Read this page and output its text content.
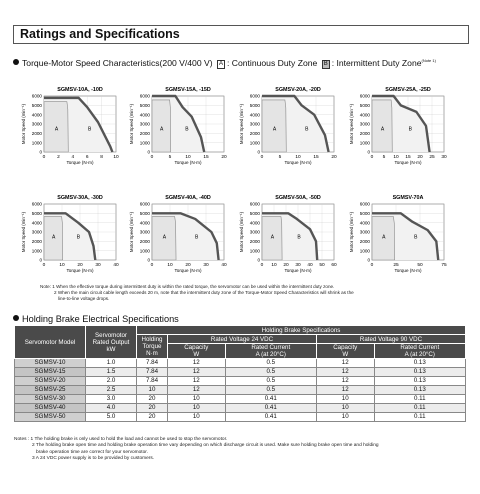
Ratings and Specifications
Torque-Motor Speed Characteristics(200 V/400 V) A : Continuous Duty Zone B : Intermittent Duty Zone$^{(Note 1)}$
SGMSV-10A, -10D
A	B
0 2 4 6 8 10
0
1000
2000
3000
4000
5000
6000
Torque (N·m)
Motor Speed (min⁻¹)
SGMSV-15A, -15D
A	B
0	5	10	15	20
0
1000
2000
3000
4000
5000
6000
Torque (N·m)
Motor Speed (min⁻¹)
SGMSV-20A, -20D
A	B
0	5	10	15	20
0
1000
2000
3000
4000
5000
6000
Torque (N·m)
Motor Speed (min⁻¹)
SGMSV-25A, -25D
A	B
0 5 10 15 20 25 30
0
1000
2000
3000
4000
5000
6000
Torque (N·m)
Motor Speed (min⁻¹)
SGMSV-30A, -30D
A	B
0	10	20	30	40
0
1000
2000
3000
4000
5000
6000
Torque (N·m)
Motor Speed (min⁻¹)
SGMSV-40A, -40D
A	B
0	10	20	30	40
0
1000
2000
3000
4000
5000
6000
Torque (N·m)
Motor Speed (min⁻¹)
SGMSV-50A, -50D
A	B
0 10 20 30 40 50 60
0
1000
2000
3000
4000
5000
6000
Torque (N·m)
Motor Speed (min⁻¹)
SGMSV-70A
A	B
0	25	50	75
0
1000
2000
3000
4000
5000
6000
Torque (N·m)
Motor Speed (min⁻¹)
Note: 1 When the effective torque during intermittent duty is within the rated torque, the servomotor can be used within the intermittent duty zone.
2 When the main circuit cable length exceeds 20 m, note that the intermittent duty zone of the Torque-Motor Speed Characteristics will shrink as the
line-to-line voltage drops.
Holding Brake Electrical Specifications
Servomotor Model	Servomotor
Rated Output
kW	Holding Brake Specifications				
		Holding
Torque
N·m	Rated Voltage 24 VDC		Rated Voltage 90 VDC	
			Capacity
W	Rated Current
A (at 20°C)	Capacity
W	Rated Current
A (at 20°C)
SGMSV-10	1.0	7.84	12	0.5	12	0.13
SGMSV-15	1.5	7.84	12	0.5	12	0.13
SGMSV-20	2.0	7.84	12	0.5	12	0.13
SGMSV-25	2.5	10	12	0.5	12	0.13
SGMSV-30	3.0	20	10	0.41	10	0.11
SGMSV-40	4.0	20	10	0.41	10	0.11
SGMSV-50	5.0	20	10	0.41	10	0.11
Notes : 1 The holding brake is only used to hold the load and cannot be used to stop the servomotor.
2 The holding brake open time and holding brake operation time vary depending on which discharge circuit is used. Make sure holding brake open time and holding
brake operation time are correct for your servomotor.
3 A 24 VDC power supply is to be provided by customers.
